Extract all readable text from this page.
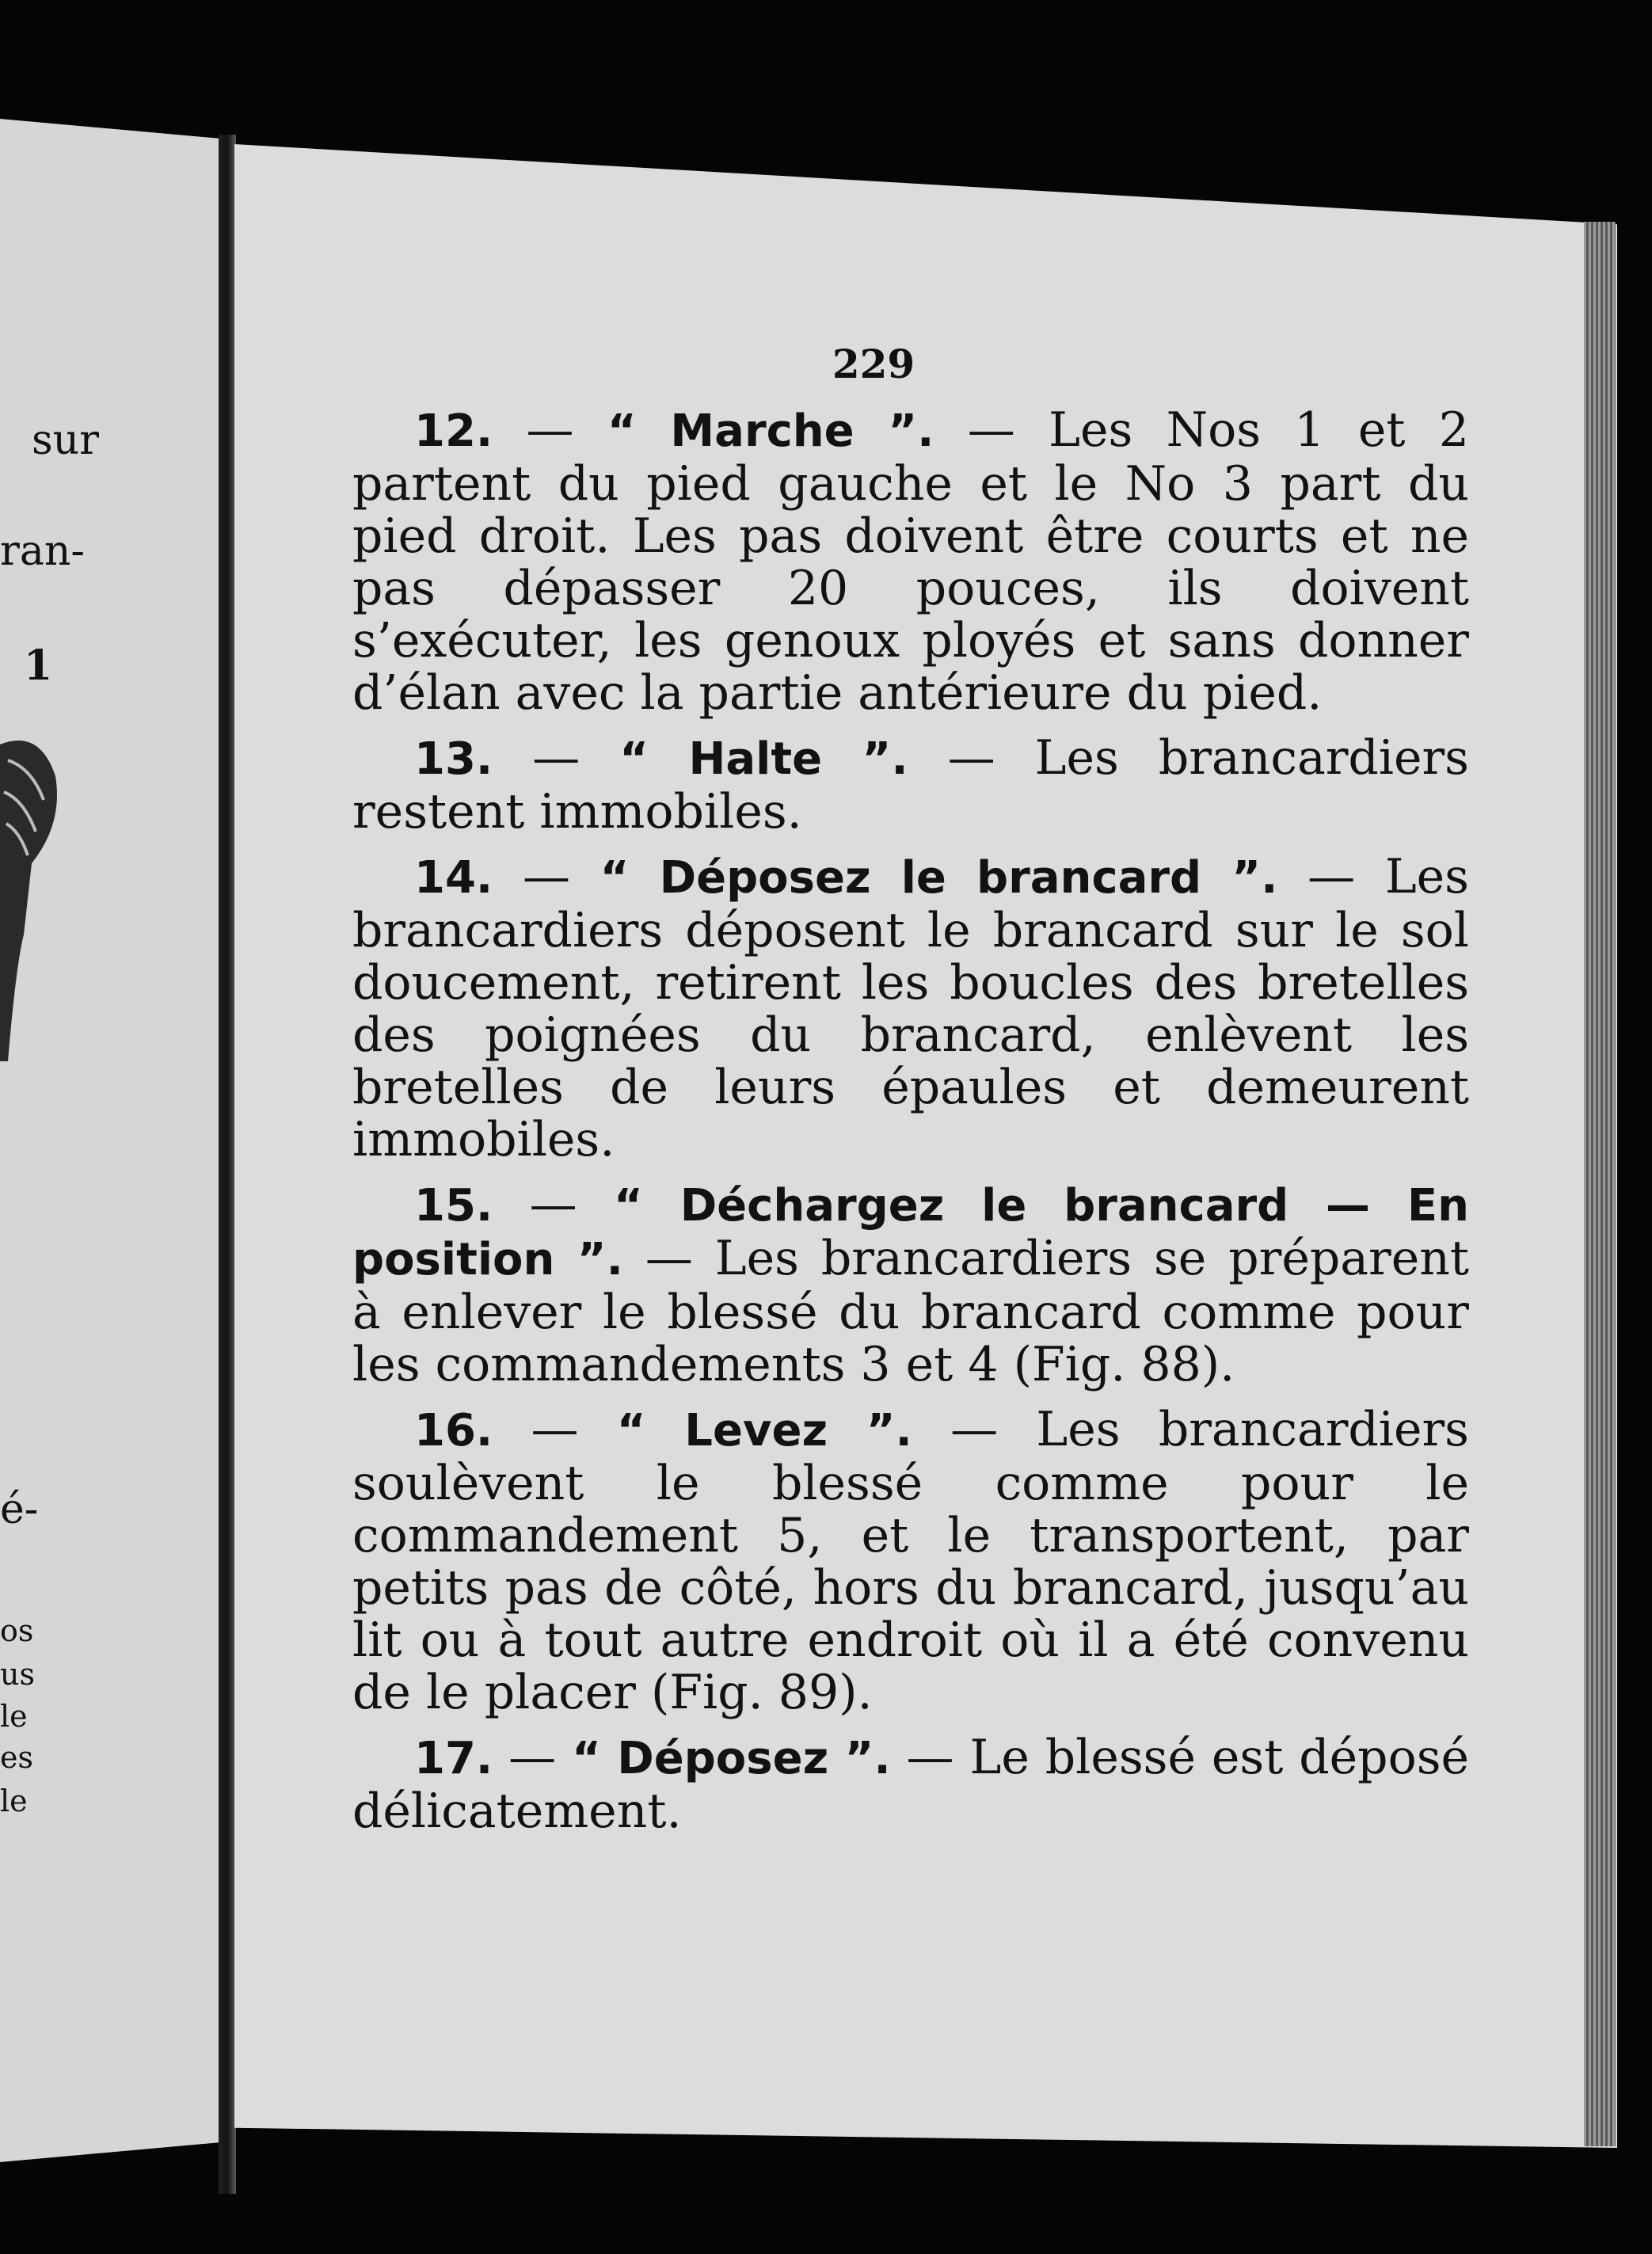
sur
ran-
1
é-
os
us
le
es
le
229

12. — “ Marche ”. — Les Nos 1 et 2 partent du pied gauche et le No 3 part du pied droit. Les pas doivent être courts et ne pas dépasser 20 pouces, ils doivent s’exécuter, les genoux ployés et sans donner d’élan avec la partie antérieure du pied.

13. — “ Halte ”. — Les brancardiers restent immobiles.

14. — “ Déposez le brancard ”. — Les brancardiers déposent le brancard sur le sol doucement, retirent les boucles des bretelles des poignées du brancard, enlèvent les bretelles de leurs épaules et demeurent immobiles.

15. — “ Déchargez le brancard — En position ”. — Les brancardiers se préparent à enlever le blessé du brancard comme pour les commandements 3 et 4 (Fig. 88).

16. — “ Levez ”. — Les brancardiers soulèvent le blessé comme pour le commandement 5, et le transportent, par petits pas de côté, hors du brancard, jusqu’au lit ou à tout autre endroit où il a été convenu de le placer (Fig. 89).

17. — “ Déposez ”. — Le blessé est déposé délicatement.
